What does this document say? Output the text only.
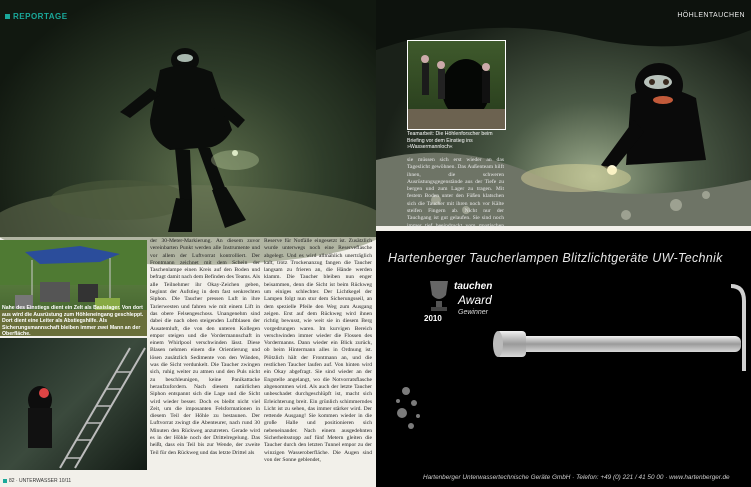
REPORTAGE
Nahe des Einstiegs dient ein Zelt als Basislager. Von dort aus wird die Ausrüstung zum Höhleneingang geschleppt. Dort dient eine Leiter als Abstiegshilfe. Als Sicherungsmannschaft bleiben immer zwei Mann an der Oberfläche.
82 · UNTERWASSER 10/11
der 30-Meter-Markierung. An diesem zuvor vereinbarten Punkt werden alle Instrumente und vor allem der Luftvorrat kontrolliert. Der Frontmann zeichnet mit dem Schein der Taschenlampe einen Kreis auf den Boden und befragt damit nach dem Befinden des Teams. Als alle Teilnehmer ihr Okay-Zeichen geben, beginnt der Aufstieg in dem fast senkrechten Siphon. Die Taucher pressen Luft in ihre Tarierwesten und fahren wie mit einem Lift in das obere Felsengeschoss. Unangenehm sind dabei die nach oben steigenden Luftblasen der Ausatemluft, die von den unteren Kollegen empor steigen und die Vordermannschaft in einem Whirlpool verschwinden lässt. Diese Blasen nehmen einem die Orientierung und lösen zusätzlich Sedimente von den Wänden, was die Sicht verdunkelt. Die Taucher zwingen sich, ruhig weiter zu atmen und den Puls nicht zu beschleunigen, keine Panikattacke heraufzufordern. Nach diesem natürlichen Siphon entspannt sich die Lage und die Sicht wird wieder besser. Doch es bleibt nicht viel Zeit, um die imposanten Felsformationen in diesem Teil der Höhle zu bestaunen. Der Luftvorrat zwingt die Abenteurer, nach rund 30 Minuten den Rückweg anzutreten. Gerade wird es in der Höhle noch der Drittelregelung. Das heißt, dass ein Teil bis zur Wende, der zweite Teil für den Rückweg und das letzte Drittel als
Reserve für Notfälle eingesetzt ist. Zusätzlich wurde unterwegs noch eine Reserveflasche abgelegt. Und es wird allmählich unerträglich kalt, trotz Trockenanzug fangen die Taucher langsam zu frieren an, die Hände werden klamm. Die Taucher bleiben nun enger beisammen, denn die Sicht ist beim Rückweg um einiges schlechter. Der Lichtkegel der Lampen folgt nun stur dem Sicherungsseil, an dem spezielle Pfeile den Weg zum Ausgang zeigen. Erst auf dem Rückweg wird ihnen richtig bewusst, wie weit sie in diesem Berg vorgedrungen waren. Im kurvigen Bereich verschwinden immer wieder die Flossen des Vordermanns. Dann wieder ein Blick zurück, ob beim Hintermann alles in Ordnung ist. Plötzlich hält der Frontmann an, und die restlichen Taucher laufen auf. Von hinten wird ein Okay abgefragt. Sie sind wieder an der Engstelle angelangt, wo die Notvorratsflasche abgenommen wird. Als auch der letzte Taucher unbeschadet durchgeschlüpft ist, macht sich Erleichterung breit. Ein grünlich schimmerndes Licht ist zu sehen, das immer stärker wird. Der rettende Ausgang! Sie kommen wieder in die große Halle und positionieren sich nebeneinander. Nach einem ausgedehnten Sicherheitsstopp auf fünf Metern gleiten die Taucher durch den letzten Tunnel empor zu der winzigen Wasseroberfläche. Die Augen sind von der Sonne geblendet,
HÖHLENTAUCHEN
Teamarbeit: Die Höhlenforscher beim Briefing vor dem Einstieg ins »Wassermannloch«
sie müssen sich erst wieder an das Tageslicht gewöhnen. Das Außenteam hilft ihnen, die schweren Ausrüstungsgegenstände aus der Tiefe zu bergen und zum Lager zu tragen. Mit festem Boden unter den Füßen klatschen sich die Taucher mit ihren noch vor Kälte steifen Fingern ab. Nicht nur der Tauchgang ist gut gelaufen. Sie sind noch immer tief beeindruckt vom mystischen
Hartenberger Taucherlampen Blitzlichtgeräte UW-Technik
tauchen
Award
Gewinner
2010
Hartenberger Unterwassertechnische Geräte GmbH · Telefon: +49 (0) 221 / 41 50 00 · www.hartenberger.de
